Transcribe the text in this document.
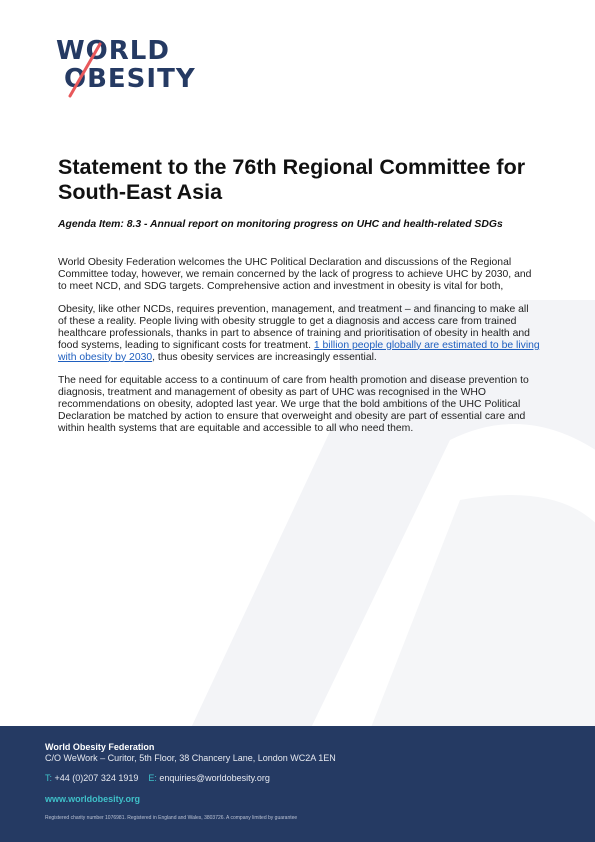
WORLD
OBESITY
Statement to the 76th Regional Committee for South-East Asia

Agenda Item: 8.3 - Annual report on monitoring progress on UHC and health-related SDGs

World Obesity Federation welcomes the UHC Political Declaration and discussions of the Regional Committee today, however, we remain concerned by the lack of progress to achieve UHC by 2030, and to meet NCD, and SDG targets. Comprehensive action and investment in obesity is vital for both,

Obesity, like other NCDs, requires prevention, management, and treatment – and financing to make all of these a reality. People living with obesity struggle to get a diagnosis and access care from trained healthcare professionals, thanks in part to absence of training and prioritisation of obesity in health and food systems, leading to significant costs for treatment. 1 billion people globally are estimated to be living with obesity by 2030, thus obesity services are increasingly essential.

The need for equitable access to a continuum of care from health promotion and disease prevention to diagnosis, treatment and management of obesity as part of UHC was recognised in the WHO recommendations on obesity, adopted last year. We urge that the bold ambitions of the UHC Political Declaration be matched by action to ensure that overweight and obesity are part of essential care and within health systems that are equitable and accessible to all who need them.

World Obesity Federation
C/O WeWork – Curitor, 5th Floor, 38 Chancery Lane, London WC2A 1EN
T: +44 (0)207 324 1919 E: enquiries@worldobesity.org
www.worldobesity.org
Registered charity number 1076981. Registered in England and Wales, 3803726. A company limited by guarantee
